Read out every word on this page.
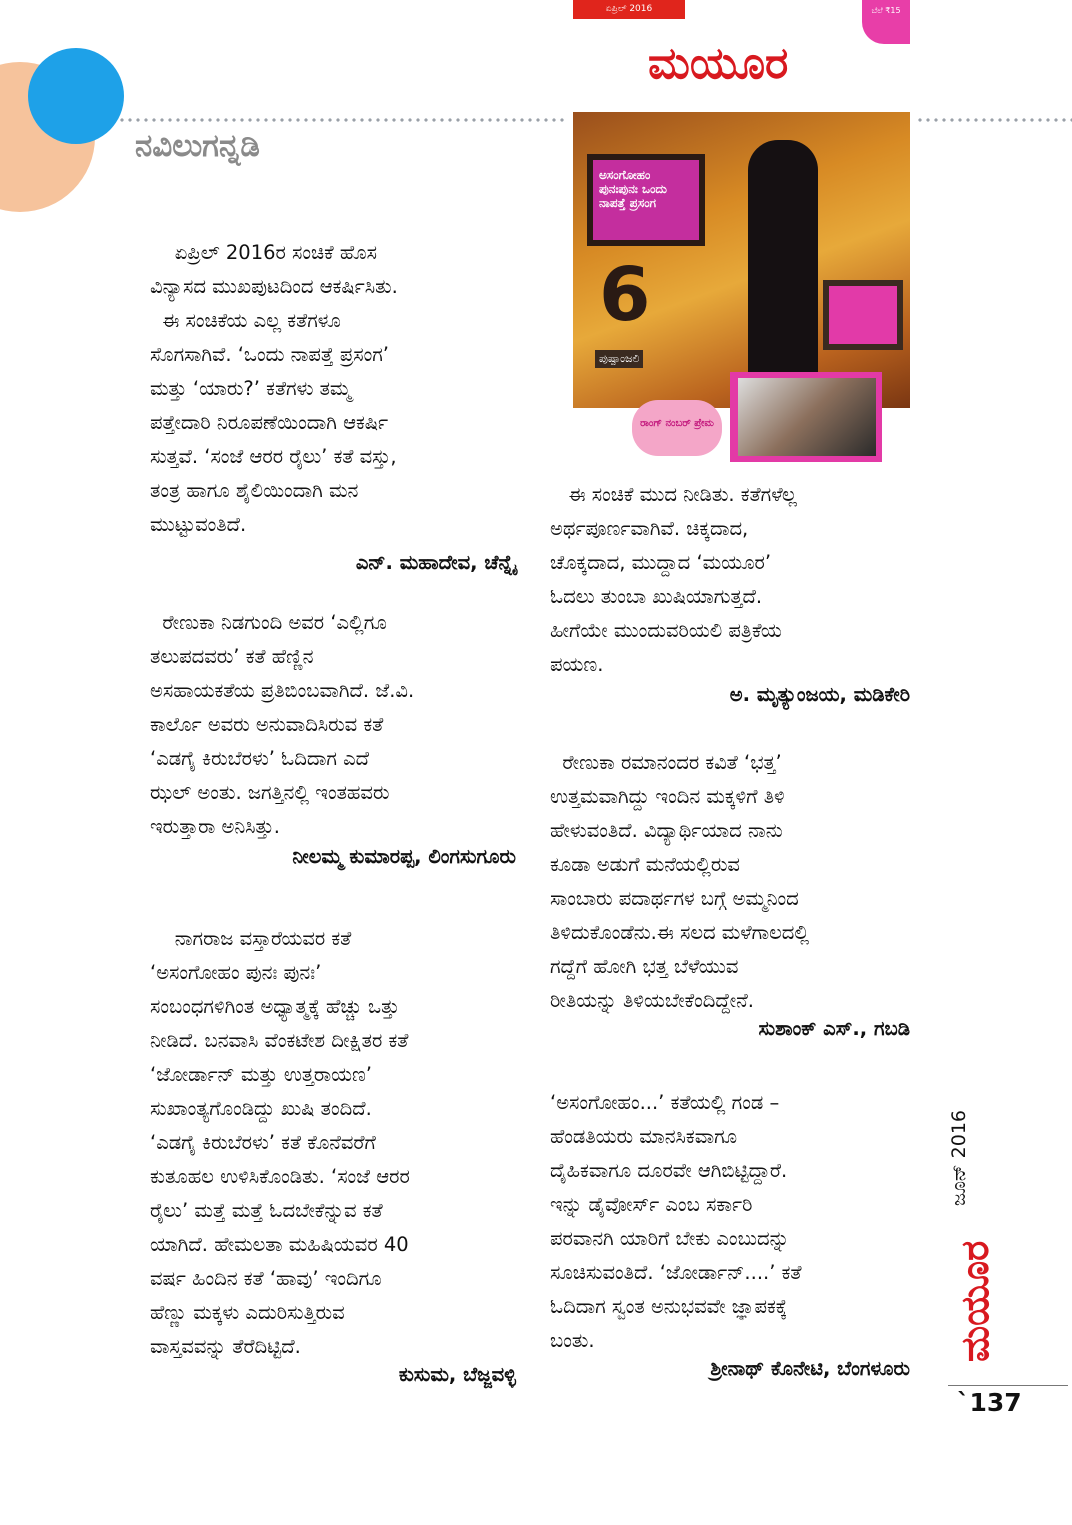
ನವಿಲುಗನ್ನಡಿ
ಏಪ್ರಿಲ್ 2016	ಬೆಲೆ ₹15
ಮಯೂರ
ಅಸಂಗೋಹಂ ಪುನಃಪುನಃ ಒಂದು ನಾಪತ್ತೆ ಪ್ರಸಂಗ
6
ಪುಷ್ಪಾಂಜಲಿ
ರಾಂಗ್ ನಂಬರ್ ಪ್ರೇಮ
ಏಪ್ರಿಲ್ 2016ರ ಸಂಚಿಕೆ ಹೊಸ
ವಿನ್ಯಾಸದ ಮುಖಪುಟದಿಂದ ಆಕರ್ಷಿಸಿತು.
ಈ ಸಂಚಿಕೆಯ ಎಲ್ಲ ಕತೆಗಳೂ
ಸೊಗಸಾಗಿವೆ. ‘ಒಂದು ನಾಪತ್ತೆ ಪ್ರಸಂಗ’
ಮತ್ತು ‘ಯಾರು?’ ಕತೆಗಳು ತಮ್ಮ
ಪತ್ತೇದಾರಿ ನಿರೂಪಣೆಯಿಂದಾಗಿ ಆಕರ್ಷಿ
ಸುತ್ತವೆ. ‘ಸಂಜೆ ಆರರ ರೈಲು’ ಕತೆ ವಸ್ತು,
ತಂತ್ರ ಹಾಗೂ ಶೈಲಿಯಿಂದಾಗಿ ಮನ
ಮುಟ್ಟುವಂತಿದೆ.
ಎನ್. ಮಹಾದೇವ, ಚೆನ್ನೈ
ರೇಣುಕಾ ನಿಡಗುಂದಿ ಅವರ ‘ಎಲ್ಲಿಗೂ
ತಲುಪದವರು’ ಕತೆ ಹೆಣ್ಣಿನ
ಅಸಹಾಯಕತೆಯ ಪ್ರತಿಬಿಂಬವಾಗಿದೆ. ಜೆ.ವಿ.
ಕಾರ್ಲೊ ಅವರು ಅನುವಾದಿಸಿರುವ ಕತೆ
‘ಎಡಗೈ ಕಿರುಬೆರಳು’ ಓದಿದಾಗ ಎದೆ
ಝಲ್ ಅಂತು. ಜಗತ್ತಿನಲ್ಲಿ ಇಂತಹವರು
ಇರುತ್ತಾರಾ ಅನಿಸಿತ್ತು.
ನೀಲಮ್ಮ ಕುಮಾರಪ್ಪ, ಲಿಂಗಸುಗೂರು
ನಾಗರಾಜ ವಸ್ತಾರೆಯವರ ಕತೆ
‘ಅಸಂಗೋಹಂ ಪುನಃ ಪುನಃ’
ಸಂಬಂಧಗಳಿಗಿಂತ ಅಧ್ಯಾತ್ಮಕ್ಕೆ ಹೆಚ್ಚು ಒತ್ತು
ನೀಡಿದೆ. ಬನವಾಸಿ ವೆಂಕಟೇಶ ದೀಕ್ಷಿತರ ಕತೆ
‘ಜೋರ್ಡಾನ್ ಮತ್ತು ಉತ್ತರಾಯಣ’
ಸುಖಾಂತ್ಯಗೊಂಡಿದ್ದು ಖುಷಿ ತಂದಿದೆ.
‘ಎಡಗೈ ಕಿರುಬೆರಳು’ ಕತೆ ಕೊನೆವರೆಗೆ
ಕುತೂಹಲ ಉಳಿಸಿಕೊಂಡಿತು. ‘ಸಂಜೆ ಆರರ
ರೈಲು’ ಮತ್ತೆ ಮತ್ತೆ ಓದಬೇಕೆನ್ನುವ ಕತೆ
ಯಾಗಿದೆ. ಹೇಮಲತಾ ಮಹಿಷಿಯವರ 40
ವರ್ಷ ಹಿಂದಿನ ಕತೆ ‘ಹಾವು’ ಇಂದಿಗೂ
ಹೆಣ್ಣು ಮಕ್ಕಳು ಎದುರಿಸುತ್ತಿರುವ
ವಾಸ್ತವವನ್ನು ತೆರೆದಿಟ್ಟಿದೆ.
ಕುಸುಮ, ಬೆಜ್ಜವಳ್ಳಿ
ಈ ಸಂಚಿಕೆ ಮುದ ನೀಡಿತು. ಕತೆಗಳೆಲ್ಲ
ಅರ್ಥಪೂರ್ಣವಾಗಿವೆ. ಚಿಕ್ಕದಾದ,
ಚೊಕ್ಕದಾದ, ಮುದ್ದಾದ ‘ಮಯೂರ’
ಓದಲು ತುಂಬಾ ಖುಷಿಯಾಗುತ್ತದೆ.
ಹೀಗೆಯೇ ಮುಂದುವರಿಯಲಿ ಪತ್ರಿಕೆಯ
ಪಯಣ.
ಅ. ಮೃತ್ಯುಂಜಯ, ಮಡಿಕೇರಿ
ರೇಣುಕಾ ರಮಾನಂದರ ಕವಿತೆ ‘ಭತ್ತ’
ಉತ್ತಮವಾಗಿದ್ದು ಇಂದಿನ ಮಕ್ಕಳಿಗೆ ತಿಳಿ
ಹೇಳುವಂತಿದೆ. ವಿದ್ಯಾರ್ಥಿಯಾದ ನಾನು
ಕೂಡಾ ಅಡುಗೆ ಮನೆಯಲ್ಲಿರುವ
ಸಾಂಬಾರು ಪದಾರ್ಥಗಳ ಬಗ್ಗೆ ಅಮ್ಮನಿಂದ
ತಿಳಿದುಕೊಂಡೆನು.ಈ ಸಲದ ಮಳೆಗಾಲದಲ್ಲಿ
ಗದ್ದೆಗೆ ಹೋಗಿ ಭತ್ತ ಬೆಳೆಯುವ
ರೀತಿಯನ್ನು ತಿಳಿಯಬೇಕೆಂದಿದ್ದೇನೆ.
ಸುಶಾಂಕ್ ಎಸ್., ಗಬಡಿ
‘ಅಸಂಗೋಹಂ...’ ಕತೆಯಲ್ಲಿ ಗಂಡ –
ಹೆಂಡತಿಯರು ಮಾನಸಿಕವಾಗೂ
ದೈಹಿಕವಾಗೂ ದೂರವೇ ಆಗಿಬಿಟ್ಟಿದ್ದಾರೆ.
ಇನ್ನು ಡೈವೋರ್ಸ್ ಎಂಬ ಸರ್ಕಾರಿ
ಪರವಾನಗಿ ಯಾರಿಗೆ ಬೇಕು ಎಂಬುದನ್ನು
ಸೂಚಿಸುವಂತಿದೆ. ‘ಜೋರ್ಡಾನ್....’ ಕತೆ
ಓದಿದಾಗ ಸ್ವಂತ ಅನುಭವವೇ ಜ್ಞಾಪಕಕ್ಕೆ
ಬಂತು.
ಶ್ರೀನಾಥ್ ಕೊನೇಟಿ, ಬೆಂಗಳೂರು
ಜೂನ್ 2016
ಮಯೂರ
`137
